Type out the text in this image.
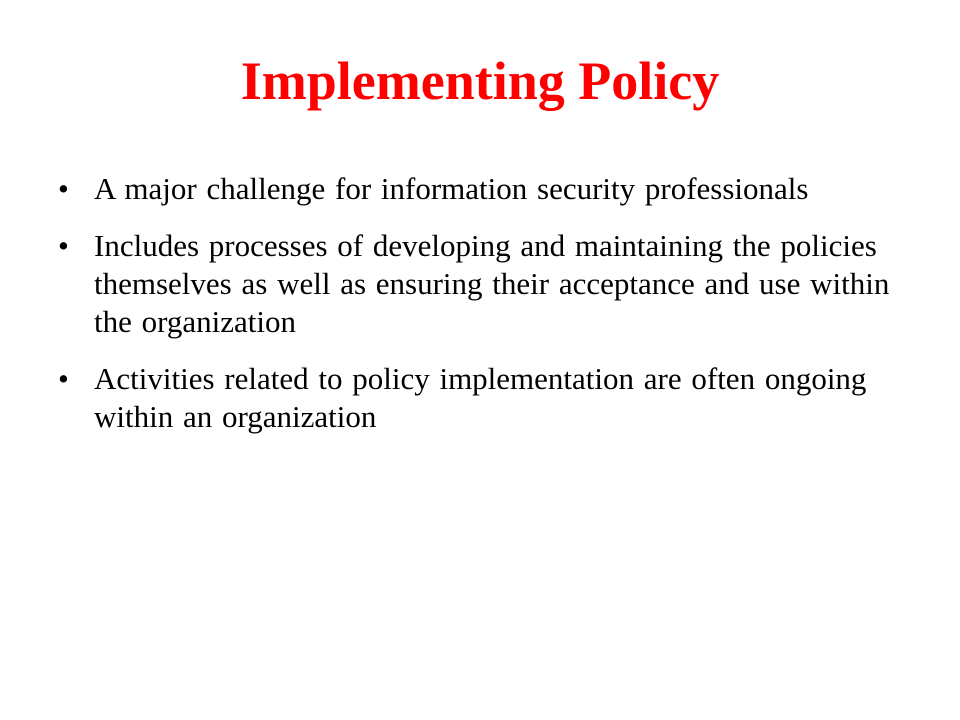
Implementing Policy
• A major challenge for information security professionals
• Includes processes of developing and maintaining the policies themselves as well as ensuring their acceptance and use within the organization
• Activities related to policy implementation are often ongoing within an organization
